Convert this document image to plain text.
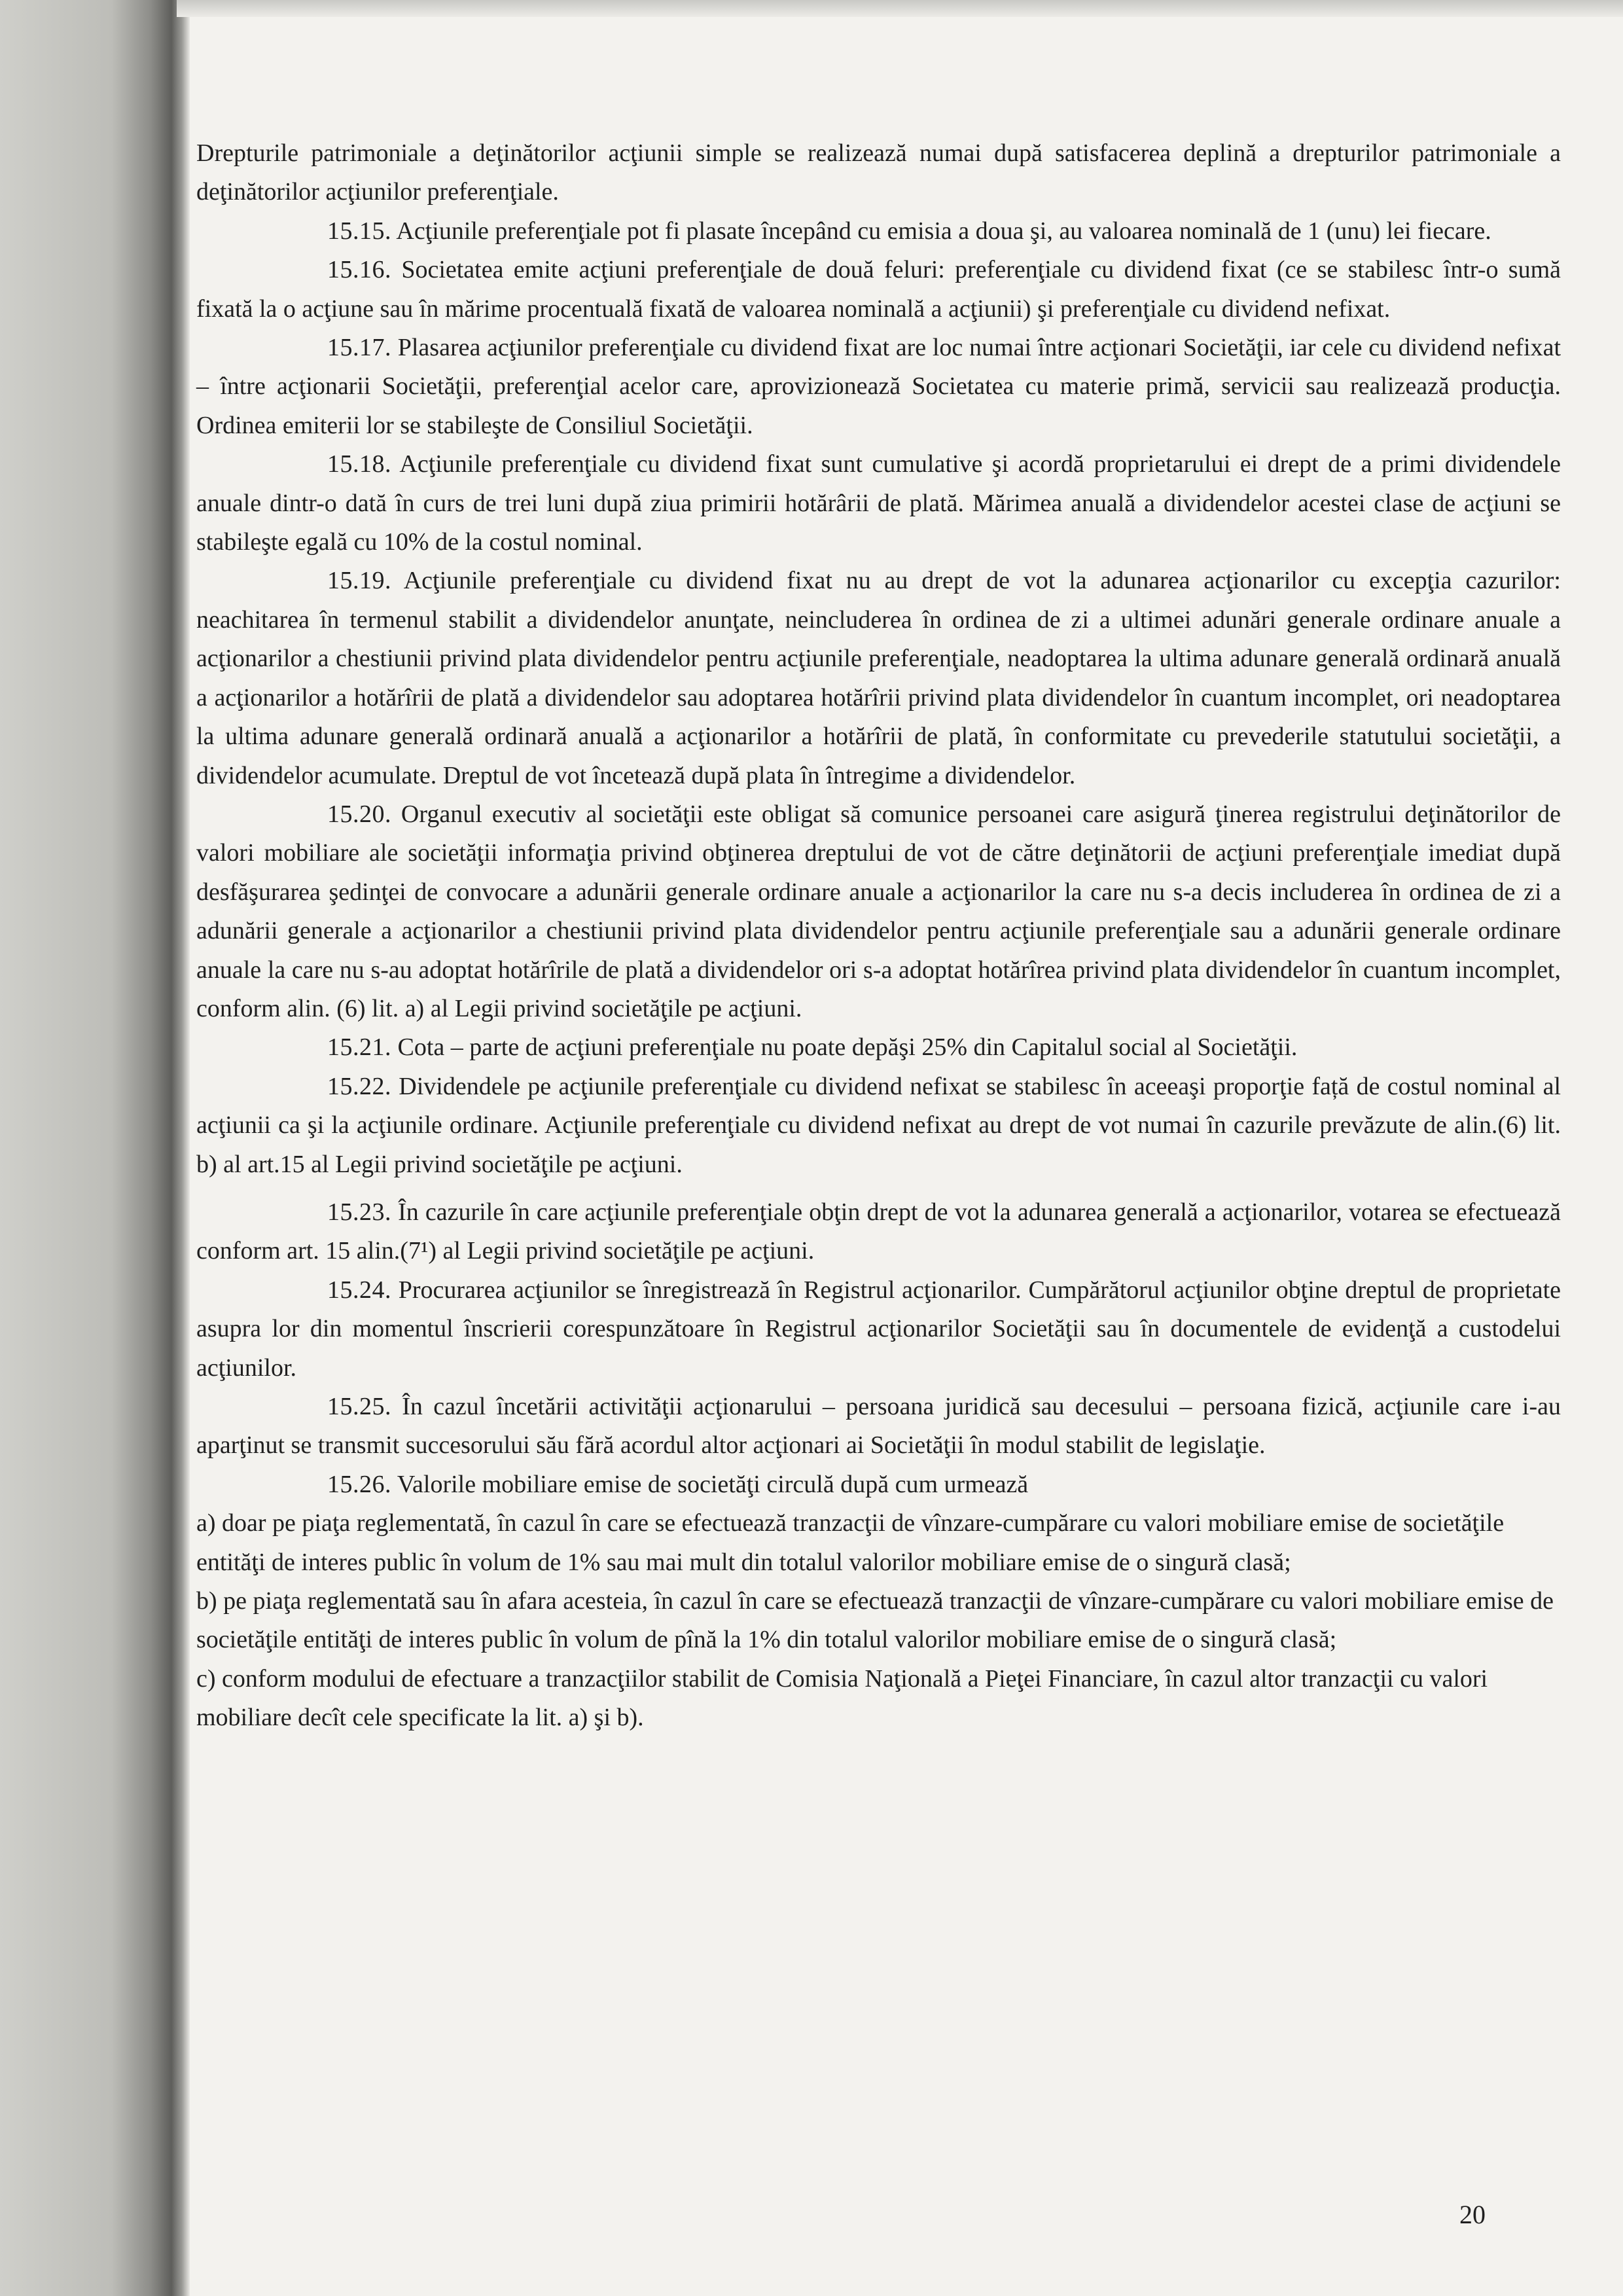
Drepturile patrimoniale a deţinătorilor acţiunii simple se realizează numai după satisfacerea deplină a drepturilor patrimoniale a deţinătorilor acţiunilor preferenţiale.

15.15. Acţiunile preferenţiale pot fi plasate începând cu emisia a doua şi, au valoarea nominală de 1 (unu) lei fiecare.

15.16. Societatea emite acţiuni preferenţiale de două feluri: preferenţiale cu dividend fixat (ce se stabilesc într-o sumă fixată la o acţiune sau în mărime procentuală fixată de valoarea nominală a acţiunii) şi preferenţiale cu dividend nefixat.

15.17. Plasarea acţiunilor preferenţiale cu dividend fixat are loc numai între acţionari Societăţii, iar cele cu dividend nefixat – între acţionarii Societăţii, preferenţial acelor care, aprovizionează Societatea cu materie primă, servicii sau realizează producţia. Ordinea emiterii lor se stabileşte de Consiliul Societăţii.

15.18. Acţiunile preferenţiale cu dividend fixat sunt cumulative şi acordă proprietarului ei drept de a primi dividendele anuale dintr-o dată în curs de trei luni după ziua primirii hotărârii de plată. Mărimea anuală a dividendelor acestei clase de acţiuni se stabileşte egală cu 10% de la costul nominal.

15.19. Acţiunile preferenţiale cu dividend fixat nu au drept de vot la adunarea acţionarilor cu excepţia cazurilor: neachitarea în termenul stabilit a dividendelor anunţate, neincluderea în ordinea de zi a ultimei adunări generale ordinare anuale a acţionarilor a chestiunii privind plata dividendelor pentru acţiunile preferenţiale, neadoptarea la ultima adunare generală ordinară anuală a acţionarilor a hotărîrii de plată a dividendelor sau adoptarea hotărîrii privind plata dividendelor în cuantum incomplet, ori neadoptarea la ultima adunare generală ordinară anuală a acţionarilor a hotărîrii de plată, în conformitate cu prevederile statutului societăţii, a dividendelor acumulate. Dreptul de vot încetează după plata în întregime a dividendelor.

15.20. Organul executiv al societăţii este obligat să comunice persoanei care asigură ţinerea registrului deţinătorilor de valori mobiliare ale societăţii informaţia privind obţinerea dreptului de vot de către deţinătorii de acţiuni preferenţiale imediat după desfăşurarea şedinţei de convocare a adunării generale ordinare anuale a acţionarilor la care nu s-a decis includerea în ordinea de zi a adunării generale a acţionarilor a chestiunii privind plata dividendelor pentru acţiunile preferenţiale sau a adunării generale ordinare anuale la care nu s-au adoptat hotărîrile de plată a dividendelor ori s-a adoptat hotărîrea privind plata dividendelor în cuantum incomplet, conform alin. (6) lit. a) al Legii privind societăţile pe acţiuni.

15.21. Cota – parte de acţiuni preferenţiale nu poate depăşi 25% din Capitalul social al Societăţii.

15.22. Dividendele pe acţiunile preferenţiale cu dividend nefixat se stabilesc în aceeaşi proporţie față de costul nominal al acţiunii ca şi la acţiunile ordinare. Acţiunile preferenţiale cu dividend nefixat au drept de vot numai în cazurile prevăzute de alin.(6) lit. b) al art.15 al Legii privind societăţile pe acţiuni.

15.23. În cazurile în care acţiunile preferenţiale obţin drept de vot la adunarea generală a acţionarilor, votarea se efectuează conform art. 15 alin.(7¹) al Legii privind societăţile pe acţiuni.

15.24. Procurarea acţiunilor se înregistrează în Registrul acţionarilor. Cumpărătorul acţiunilor obţine dreptul de proprietate asupra lor din momentul înscrierii corespunzătoare în Registrul acţionarilor Societăţii sau în documentele de evidenţă a custodelui acţiunilor.

15.25. În cazul încetării activităţii acţionarului – persoana juridică sau decesului – persoana fizică, acţiunile care i-au aparţinut se transmit succesorului său fără acordul altor acţionari ai Societăţii în modul stabilit de legislaţie.

15.26. Valorile mobiliare emise de societăţi circulă după cum urmează

a) doar pe piaţa reglementată, în cazul în care se efectuează tranzacţii de vînzare-cumpărare cu valori mobiliare emise de societăţile entităţi de interes public în volum de 1% sau mai mult din totalul valorilor mobiliare emise de o singură clasă;

b) pe piaţa reglementată sau în afara acesteia, în cazul în care se efectuează tranzacţii de vînzare-cumpărare cu valori mobiliare emise de societăţile entităţi de interes public în volum de pînă la 1% din totalul valorilor mobiliare emise de o singură clasă;

c) conform modului de efectuare a tranzacţiilor stabilit de Comisia Naţională a Pieţei Financiare, în cazul altor tranzacţii cu valori mobiliare decît cele specificate la lit. a) şi b).

20
